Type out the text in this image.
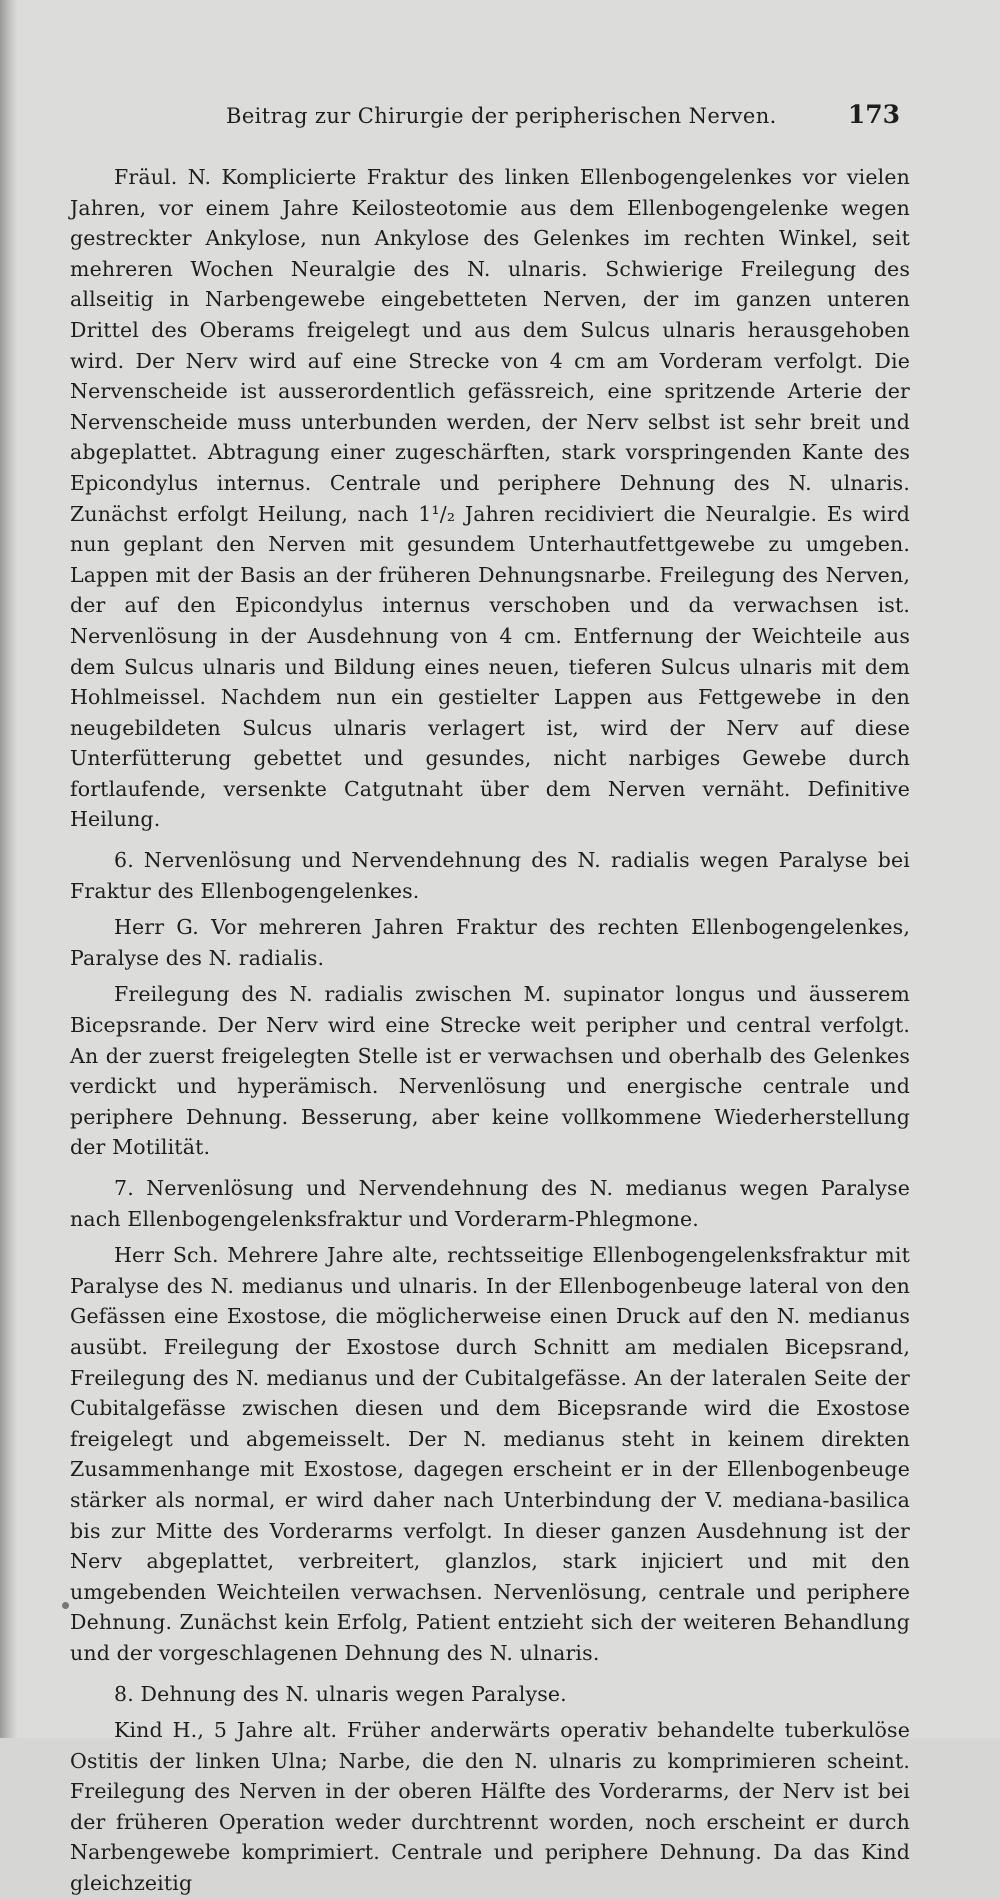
Beitrag zur Chirurgie der peripherischen Nerven.	173

Fräul. N. Komplicierte Fraktur des linken Ellenbogengelenkes vor vielen Jahren, vor einem Jahre Keilosteotomie aus dem Ellenbogengelenke wegen gestreckter Ankylose, nun Ankylose des Gelenkes im rechten Winkel, seit mehreren Wochen Neuralgie des N. ulnaris. Schwierige Freilegung des allseitig in Narbengewebe eingebetteten Nerven, der im ganzen unteren Drittel des Oberams freigelegt und aus dem Sulcus ulnaris herausgehoben wird. Der Nerv wird auf eine Strecke von 4 cm am Vorderam verfolgt. Die Nervenscheide ist ausserordentlich gefässreich, eine spritzende Arterie der Nervenscheide muss unterbunden werden, der Nerv selbst ist sehr breit und abgeplattet. Abtragung einer zugeschärften, stark vorspringenden Kante des Epicondylus internus. Centrale und periphere Dehnung des N. ulnaris. Zunächst erfolgt Heilung, nach 1¹/₂ Jahren recidiviert die Neuralgie. Es wird nun geplant den Nerven mit gesundem Unterhautfettgewebe zu umgeben. Lappen mit der Basis an der früheren Dehnungsnarbe. Freilegung des Nerven, der auf den Epicondylus internus verschoben und da verwachsen ist. Nervenlösung in der Ausdehnung von 4 cm. Entfernung der Weichteile aus dem Sulcus ulnaris und Bildung eines neuen, tieferen Sulcus ulnaris mit dem Hohlmeissel. Nachdem nun ein gestielter Lappen aus Fettgewebe in den neugebildeten Sulcus ulnaris verlagert ist, wird der Nerv auf diese Unterfütterung gebettet und gesundes, nicht narbiges Gewebe durch fortlaufende, versenkte Catgutnaht über dem Nerven vernäht. Definitive Heilung.

6. Nervenlösung und Nervendehnung des N. radialis wegen Paralyse bei Fraktur des Ellenbogengelenkes.

Herr G. Vor mehreren Jahren Fraktur des rechten Ellenbogengelenkes, Paralyse des N. radialis.

Freilegung des N. radialis zwischen M. supinator longus und äusserem Bicepsrande. Der Nerv wird eine Strecke weit peripher und central verfolgt. An der zuerst freigelegten Stelle ist er verwachsen und oberhalb des Gelenkes verdickt und hyperämisch. Nervenlösung und energische centrale und periphere Dehnung. Besserung, aber keine vollkommene Wiederherstellung der Motilität.

7. Nervenlösung und Nervendehnung des N. medianus wegen Paralyse nach Ellenbogengelenksfraktur und Vorderarm-Phlegmone.

Herr Sch. Mehrere Jahre alte, rechtsseitige Ellenbogengelenksfraktur mit Paralyse des N. medianus und ulnaris. In der Ellenbogenbeuge lateral von den Gefässen eine Exostose, die möglicherweise einen Druck auf den N. medianus ausübt. Freilegung der Exostose durch Schnitt am medialen Bicepsrand, Freilegung des N. medianus und der Cubitalgefässe. An der lateralen Seite der Cubitalgefässe zwischen diesen und dem Bicepsrande wird die Exostose freigelegt und abgemeisselt. Der N. medianus steht in keinem direkten Zusammenhange mit Exostose, dagegen erscheint er in der Ellenbogenbeuge stärker als normal, er wird daher nach Unterbindung der V. mediana-basilica bis zur Mitte des Vorderarms verfolgt. In dieser ganzen Ausdehnung ist der Nerv abgeplattet, verbreitert, glanzlos, stark injiciert und mit den umgebenden Weichteilen verwachsen. Nervenlösung, centrale und periphere Dehnung. Zunächst kein Erfolg, Patient entzieht sich der weiteren Behandlung und der vorgeschlagenen Dehnung des N. ulnaris.

8. Dehnung des N. ulnaris wegen Paralyse.

Kind H., 5 Jahre alt. Früher anderwärts operativ behandelte tuberkulöse Ostitis der linken Ulna; Narbe, die den N. ulnaris zu komprimieren scheint. Freilegung des Nerven in der oberen Hälfte des Vorderarms, der Nerv ist bei der früheren Operation weder durchtrennt worden, noch erscheint er durch Narbengewebe komprimiert. Centrale und periphere Dehnung. Da das Kind gleichzeitig
